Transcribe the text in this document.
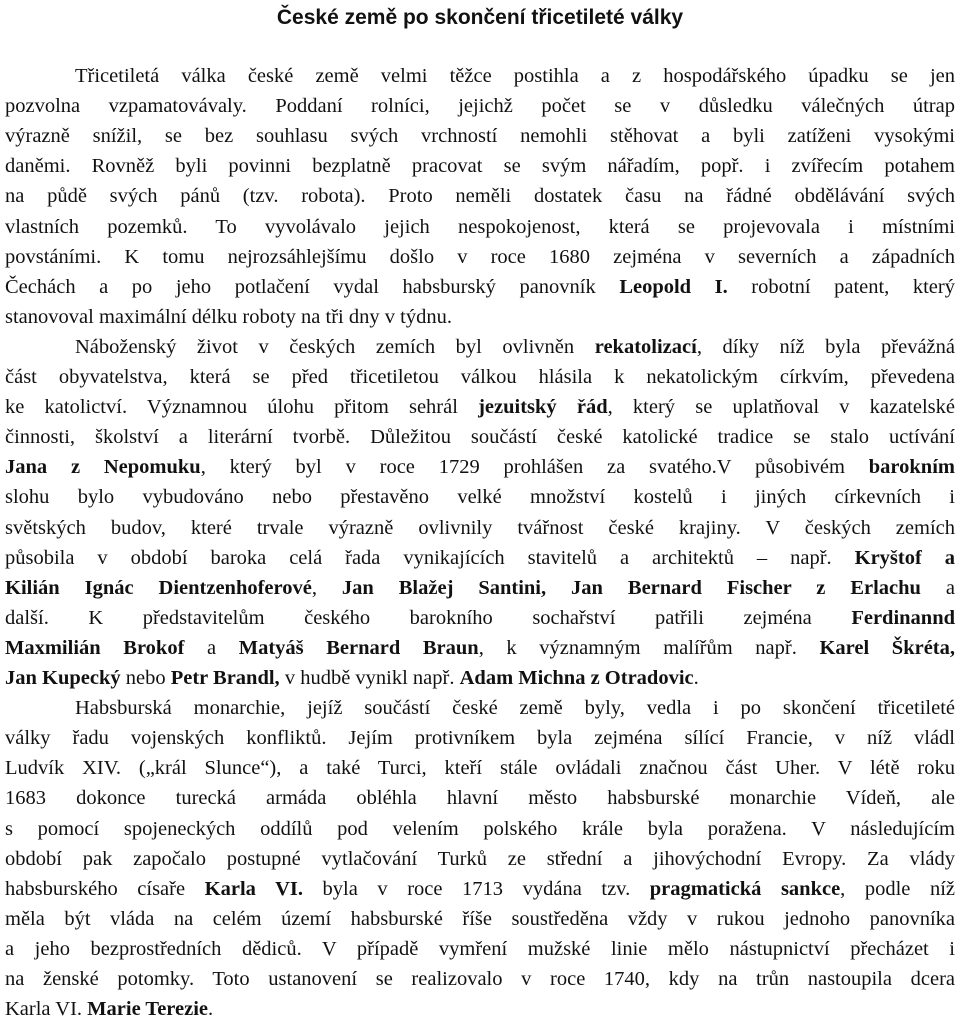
České země po skončení třicetileté války
Třicetiletá válka české země velmi těžce postihla a z hospodářského úpadku se jen
pozvolna vzpamatovávaly. Poddaní rolníci, jejichž počet se v důsledku válečných útrap
výrazně snížil, se bez souhlasu svých vrchností nemohli stěhovat a byli zatíženi vysokými
daněmi. Rovněž byli povinni bezplatně pracovat se svým nářadím, popř. i zvířecím potahem
na půdě svých pánů (tzv. robota). Proto neměli dostatek času na řádné obdělávání svých
vlastních pozemků. To vyvolávalo jejich nespokojenost, která se projevovala i místními
povstáními. K tomu nejrozsáhlejšímu došlo v roce 1680 zejména v severních a západních
Čechách a po jeho potlačení vydal habsburský panovník Leopold I. robotní patent, který
stanovoval maximální délku roboty na tři dny v týdnu.
Náboženský život v českých zemích byl ovlivněn rekatolizací, díky níž byla převážná
část obyvatelstva, která se před třicetiletou válkou hlásila k nekatolickým církvím, převedena
ke katolictví. Významnou úlohu přitom sehrál jezuitský řád, který se uplatňoval v kazatelské
činnosti, školství a literární tvorbě. Důležitou součástí české katolické tradice se stalo uctívání
Jana z Nepomuku, který byl v roce 1729 prohlášen za svatého.V působivém barokním
slohu bylo vybudováno nebo přestavěno velké množství kostelů i jiných církevních i
světských budov, které trvale výrazně ovlivnily tvářnost české krajiny. V českých zemích
působila v období baroka celá řada vynikajících stavitelů a architektů – např. Kryštof a
Kilián Ignác Dientzenhoferové, Jan Blažej Santini, Jan Bernard Fischer z Erlachu a
další. K představitelům českého barokního sochařství patřili zejména Ferdinannd
Maxmilián Brokof a Matyáš Bernard Braun, k významným malířům např. Karel Škréta,
Jan Kupecký nebo Petr Brandl, v hudbě vynikl např. Adam Michna z Otradovic.
Habsburská monarchie, jejíž součástí české země byly, vedla i po skončení třicetileté
války řadu vojenských konfliktů. Jejím protivníkem byla zejména sílící Francie, v níž vládl
Ludvík XIV. („král Slunce“), a také Turci, kteří stále ovládali značnou část Uher. V létě roku
1683 dokonce turecká armáda obléhla hlavní město habsburské monarchie Vídeň, ale
s pomocí spojeneckých oddílů pod velením polského krále byla poražena. V následujícím
období pak započalo postupné vytlačování Turků ze střední a jihovýchodní Evropy. Za vlády
habsburského císaře Karla VI. byla v roce 1713 vydána tzv. pragmatická sankce, podle níž
měla být vláda na celém území habsburské říše soustředěna vždy v rukou jednoho panovníka
a jeho bezprostředních dědiců. V případě vymření mužské linie mělo nástupnictví přecházet i
na ženské potomky. Toto ustanovení se realizovalo v roce 1740, kdy na trůn nastoupila dcera
Karla VI. Marie Terezie.
